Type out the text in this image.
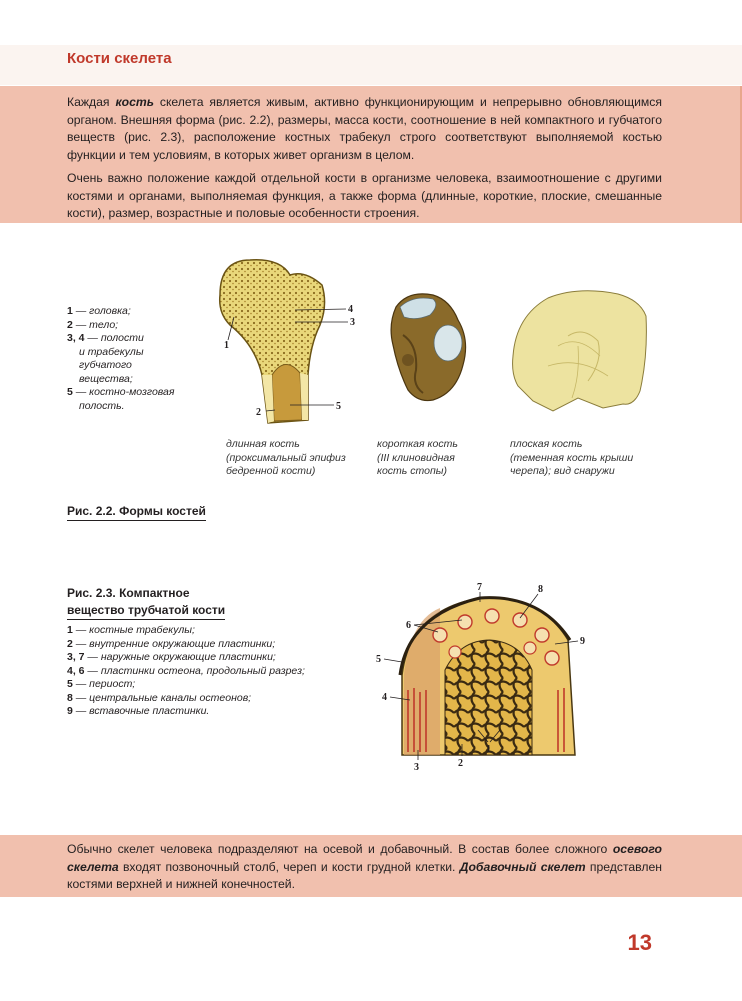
Кости скелета

Каждая кость скелета является живым, активно функционирующим и непрерывно обновляющимся органом. Внешняя форма (рис. 2.2), размеры, масса кости, соотношение в ней компактного и губчатого веществ (рис. 2.3), расположение костных трабекул строго соответствуют выполняемой костью функции и тем условиям, в которых живет организм в целом.

Очень важно положение каждой отдельной кости в организме человека, взаимоотношение с другими костями и органами, выполняемая функция, а также форма (длинные, короткие, плоские, смешанные кости), размер, возрастные и половые особенности строения.

1 — головка;
2 — тело;
3, 4 — полости
и трабекулы
губчатого
вещества;
5 — костно-мозговая
полость.
1
2
3
4
5
длинная кость
(проксимальный эпифиз
бедренной кости)
короткая кость
(III клиновидная
кость стопы)
плоская кость
(теменная кость крыши
черепа); вид снаружи
Рис. 2.2. Формы костей
Рис. 2.3. Компактное
вещество трубчатой кости
1 — костные трабекулы;
2 — внутренние окружающие пластинки;
3, 7 — наружные окружающие пластинки;
4, 6 — пластинки остеона, продольный разрез;
5 — периост;
8 — центральные каналы остеонов;
9 — вставочные пластинки.
7	8
6
9
5
4
3	2
1

Обычно скелет человека подразделяют на осевой и добавочный. В состав более сложного осевого скелета входят позвоночный столб, череп и кости грудной клетки. Добавочный скелет представлен костями верхней и нижней конечностей.

13
